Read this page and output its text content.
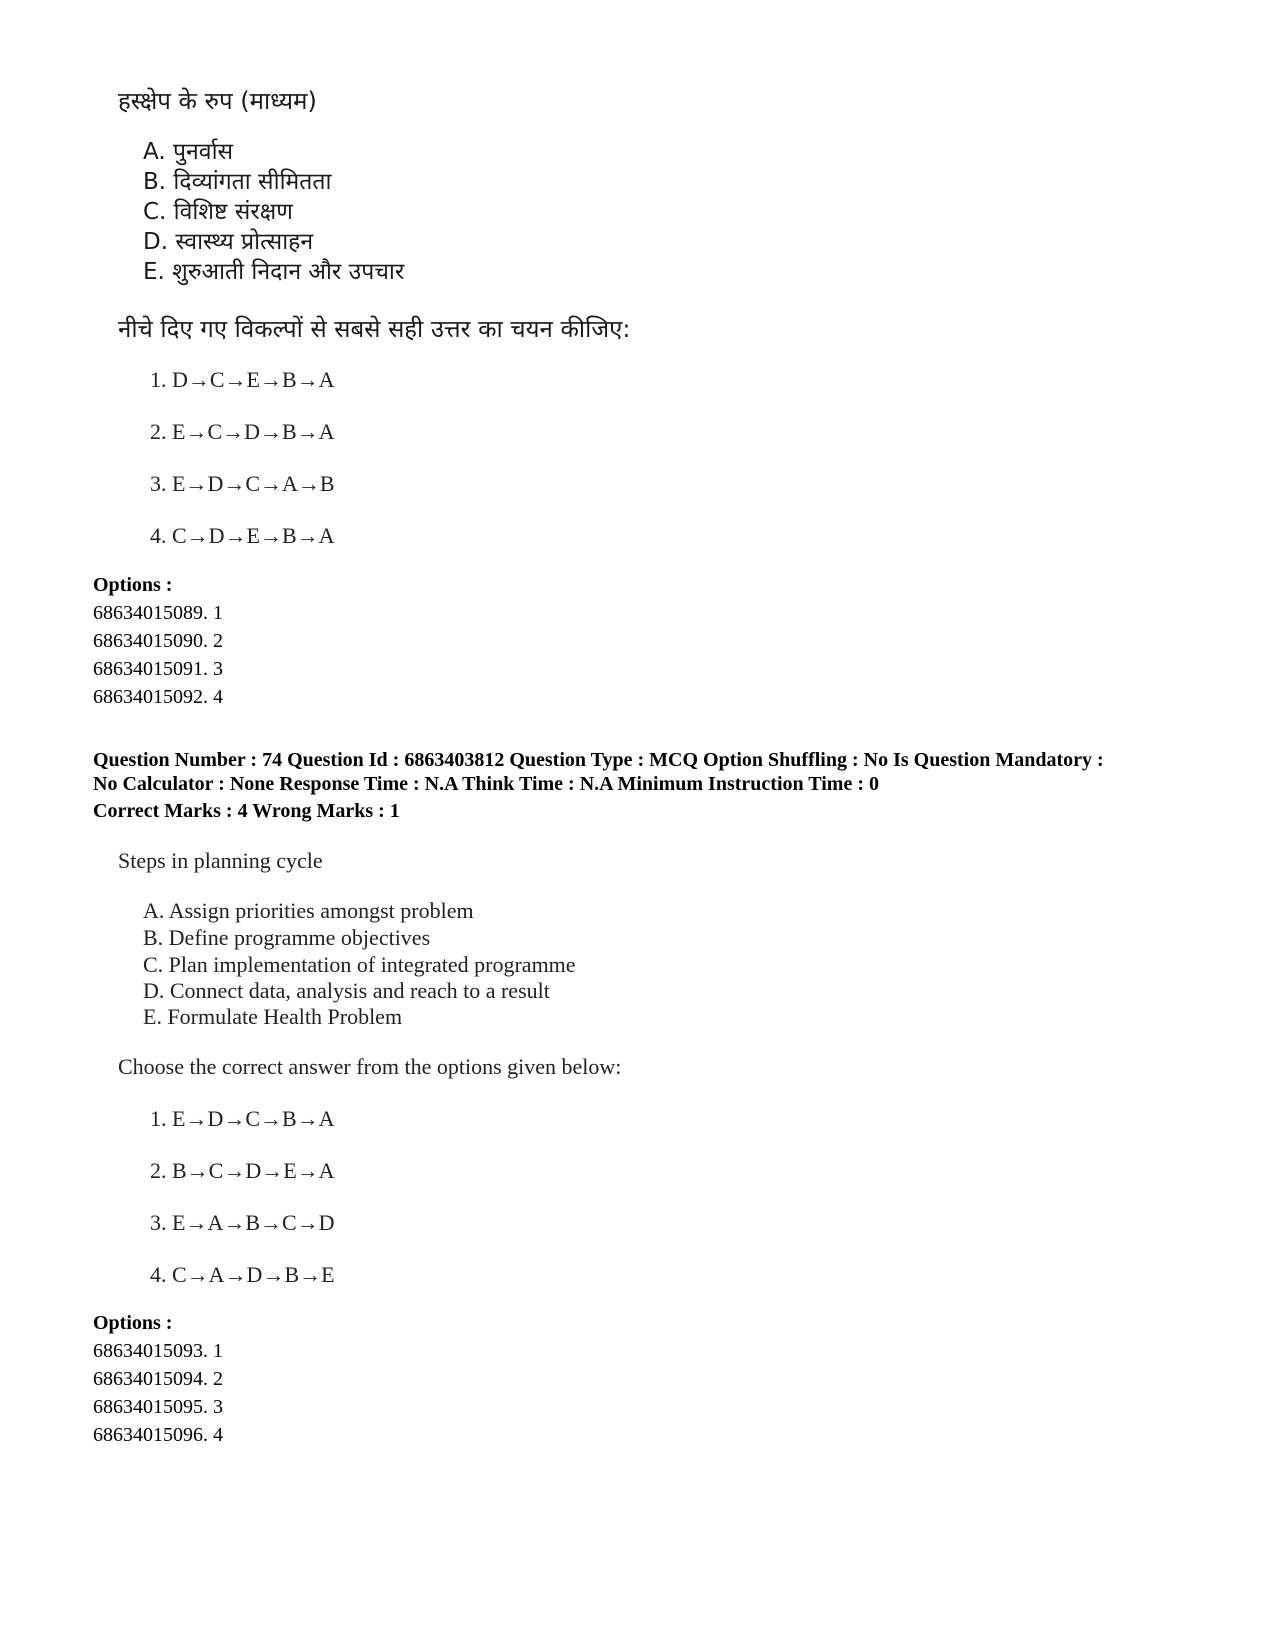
हस्क्षेप के रुप (माध्यम)
A. पुनर्वास
B. दिव्यांगता सीमितता
C. विशिष्ट संरक्षण
D. स्वास्थ्य प्रोत्साहन
E. शुरुआती निदान और उपचार
नीचे दिए गए विकल्पों से सबसे सही उत्तर का चयन कीजिए:
1. D→C→E→B→A
2. E→C→D→B→A
3. E→D→C→A→B
4. C→D→E→B→A
Options :
68634015089. 1
68634015090. 2
68634015091. 3
68634015092. 4
Question Number : 74 Question Id : 6863403812 Question Type : MCQ Option Shuffling : No Is Question Mandatory :
No Calculator : None Response Time : N.A Think Time : N.A Minimum Instruction Time : 0
Correct Marks : 4 Wrong Marks : 1
Steps in planning cycle
A. Assign priorities amongst problem
B. Define programme objectives
C. Plan implementation of integrated programme
D. Connect data, analysis and reach to a result
E. Formulate Health Problem
Choose the correct answer from the options given below:
1. E→D→C→B→A
2. B→C→D→E→A
3. E→A→B→C→D
4. C→A→D→B→E
Options :
68634015093. 1
68634015094. 2
68634015095. 3
68634015096. 4
